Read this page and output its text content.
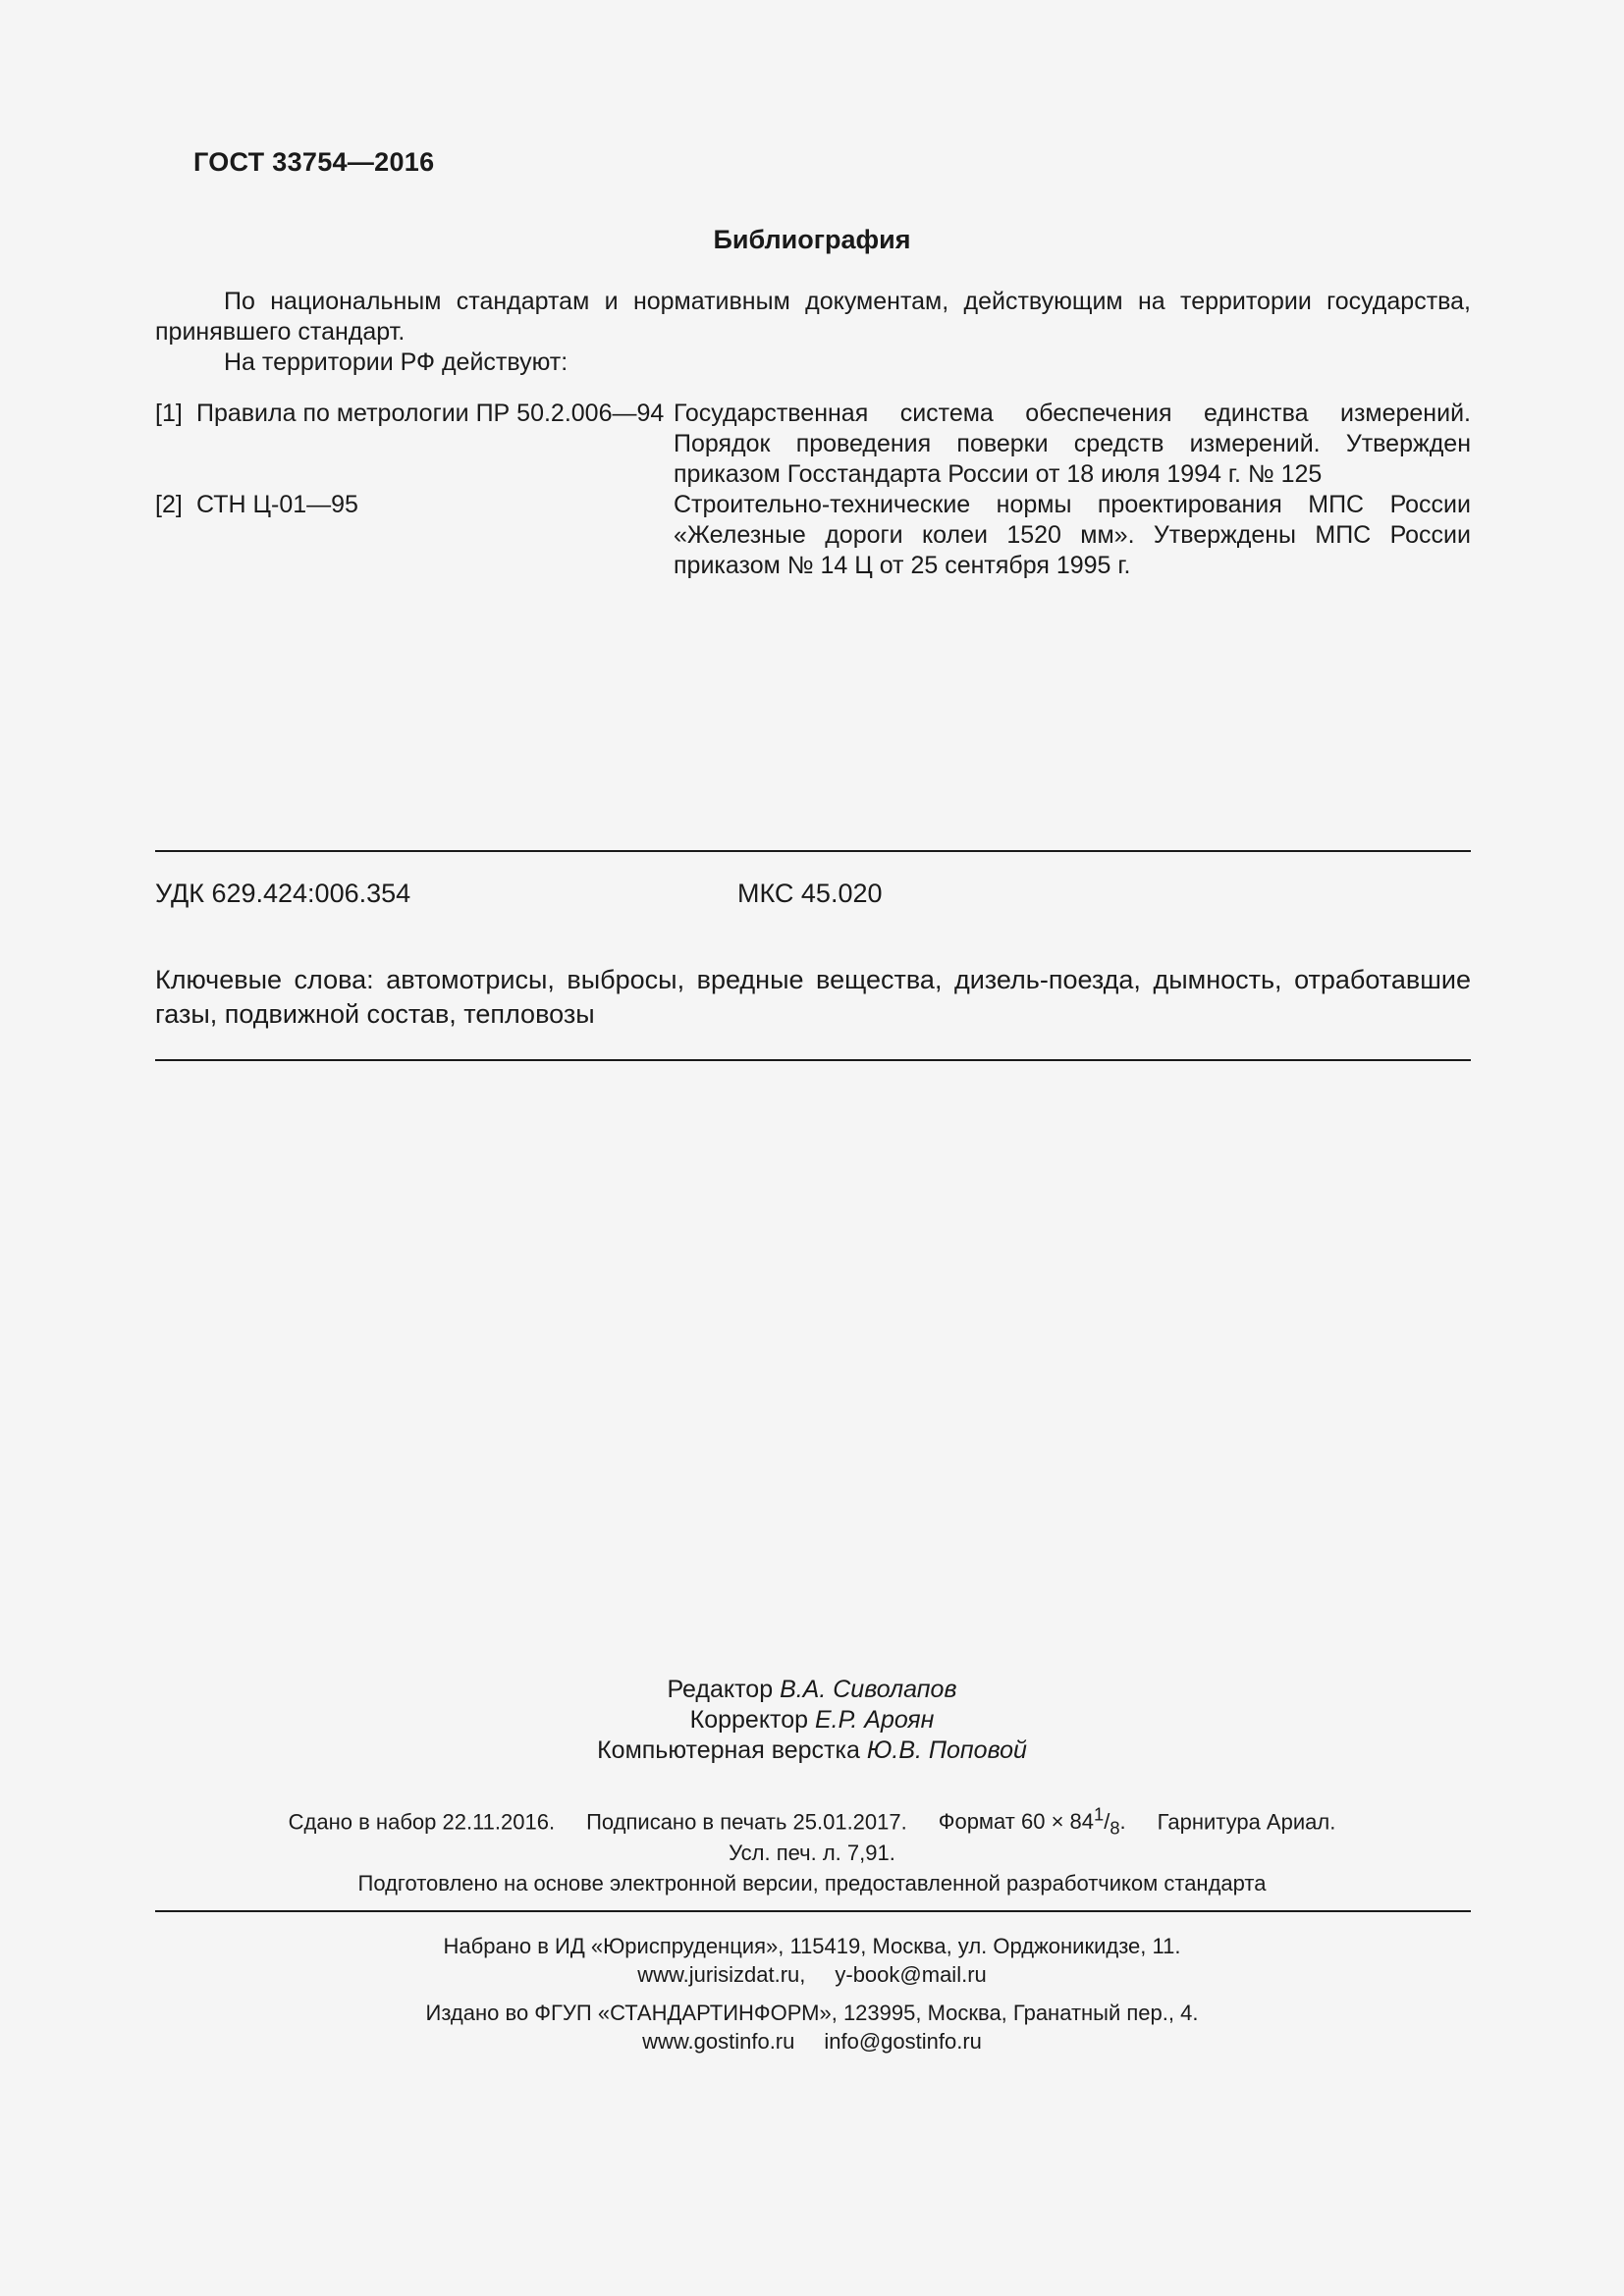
ГОСТ 33754—2016
Библиография

По национальным стандартам и нормативным документам, действующим на территории государства, принявшего стандарт.

На территории РФ действуют:

[1] Правила по метрологии ПР 50.2.006—94 Государственная система обеспечения единства измерений. Порядок проведения поверки средств измерений. Утвержден приказом Госстандарта России от 18 июля 1994 г. № 125
[2] СТН Ц-01—95	Строительно-технические нормы проектирования МПС России «Железные дороги колеи 1520 мм». Утверждены МПС России приказом № 14 Ц от 25 сентября 1995 г.
УДК 629.424:006.354	МКС 45.020
Ключевые слова: автомотрисы, выбросы, вредные вещества, дизель-поезда, дымность, отработавшие газы, подвижной состав, тепловозы
Редактор В.А. Сиволапов
Корректор Е.Р. Ароян
Компьютерная верстка Ю.В. Поповой
Сдано в набор 22.11.2016. Подписано в печать 25.01.2017. Формат $60 \times 84^1/_8$. Гарнитура Ариал.
Усл. печ. л. 7,91.
Подготовлено на основе электронной версии, предоставленной разработчиком стандарта
Набрано в ИД «Юриспруденция», 115419, Москва, ул. Орджоникидзе, 11.
www.jurisizdat.ru, y-book@mail.ru
Издано во ФГУП «СТАНДАРТИНФОРМ», 123995, Москва, Гранатный пер., 4.
www.gostinfo.ru info@gostinfo.ru
